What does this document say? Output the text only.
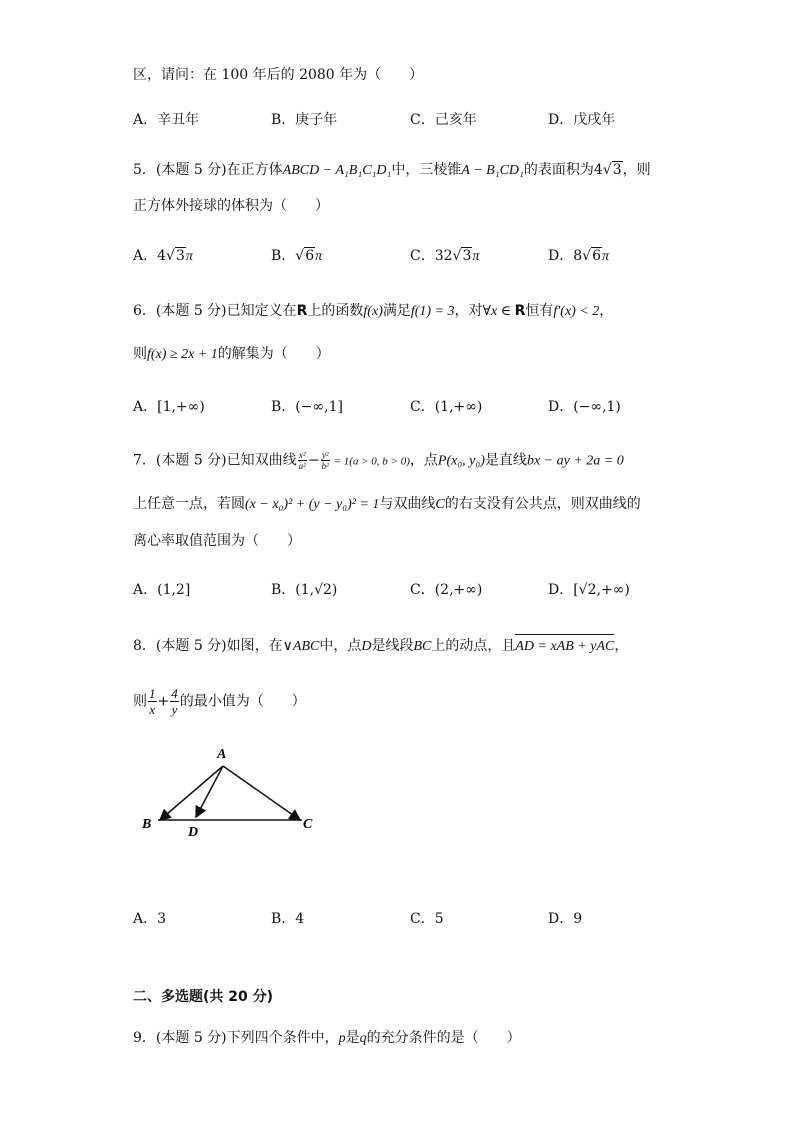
区，请问：在 100 年后的 2080 年为（　　）
A．辛丑年	B．庚子年	C．己亥年	D．戊戌年
5．(本题 5 分)在正方体ABCD − A₁B₁C₁D₁中，三棱锥A − B₁CD₁的表面积为4√3，则
正方体外接球的体积为（　　）
A．4√3π	B．√6π	C．32√3π	D．8√6π
6．(本题 5 分)已知定义在R上的函数f(x)满足f(1) = 3，对∀x ∈ R恒有f′(x) < 2，
则f(x) ≥ 2x + 1的解集为（　　）
A．[1,+∞)	B．(−∞,1]	C．(1,+∞)	D．(−∞,1)
7．(本题 5 分)已知双曲线 $\frac{\text{x²}}{\text{a²}} - \frac{\text{y²}}{\text{b²}} = 1(a > 0$, b > 0)，点P(x₀, y₀)是直线bx − ay + 2a = 0
上任意一点，若圆(x − x₀)² + (y − y₀)² = 1与双曲线C的右支没有公共点，则双曲线的
离心率取值范围为（　　）
A．(1,2]	B．(1,√2)	C．(2,+∞)	D．[√2,+∞)
8．(本题 5 分)如图，在∨ABC中，点D是线段BC上的动点，且AD = xAB + yAC，
则 $\frac{1}{x} + \frac{4}{y}$ 的最小值为（　　）
A
B	C
D
A．3	B．4	C．5	D．9
二、多选题(共 20 分)
9．(本题 5 分)下列四个条件中，p是q的充分条件的是（　　）
